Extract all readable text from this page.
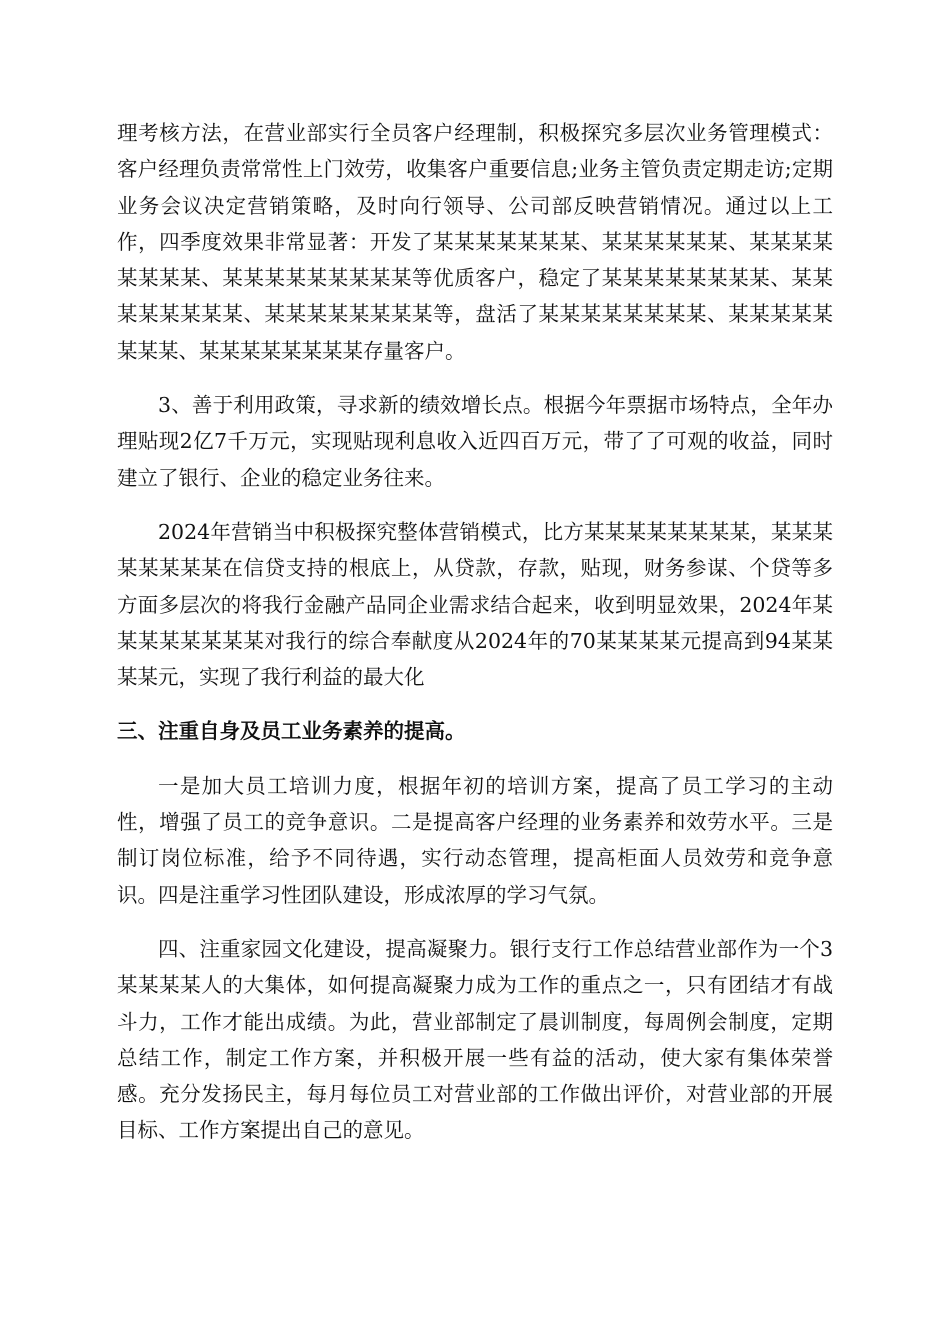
理考核方法，在营业部实行全员客户经理制，积极探究多层次业务管理模式：客户经理负责常常性上门效劳，收集客户重要信息;业务主管负责定期走访;定期业务会议决定营销策略，及时向行领导、公司部反映营销情况。通过以上工作，四季度效果非常显著：开发了某某某某某某某、某某某某某某、某某某某某某某某、某某某某某某某某某等优质客户，稳定了某某某某某某某某、某某某某某某某某、某某某某某某某某等，盘活了某某某某某某某某、某某某某某某某某、某某某某某某某某存量客户。

3、善于利用政策，寻求新的绩效增长点。根据今年票据市场特点，全年办理贴现2亿7千万元，实现贴现利息收入近四百万元，带了了可观的收益，同时建立了银行、企业的稳定业务往来。

2024年营销当中积极探究整体营销模式，比方某某某某某某某某，某某某某某某某某在信贷支持的根底上，从贷款，存款，贴现，财务参谋、个贷等多方面多层次的将我行金融产品同企业需求结合起来，收到明显效果，2024年某某某某某某某某对我行的综合奉献度从2024年的70某某某某元提高到94某某某某元，实现了我行利益的最大化

三、注重自身及员工业务素养的提高。

一是加大员工培训力度，根据年初的培训方案，提高了员工学习的主动性，增强了员工的竞争意识。二是提高客户经理的业务素养和效劳水平。三是制订岗位标准，给予不同待遇，实行动态管理，提高柜面人员效劳和竞争意识。四是注重学习性团队建设，形成浓厚的学习气氛。

四、注重家园文化建设，提高凝聚力。银行支行工作总结营业部作为一个3某某某某人的大集体，如何提高凝聚力成为工作的重点之一，只有团结才有战斗力，工作才能出成绩。为此，营业部制定了晨训制度，每周例会制度，定期总结工作，制定工作方案，并积极开展一些有益的活动，使大家有集体荣誉感。充分发扬民主，每月每位员工对营业部的工作做出评价，对营业部的开展目标、工作方案提出自己的意见。
